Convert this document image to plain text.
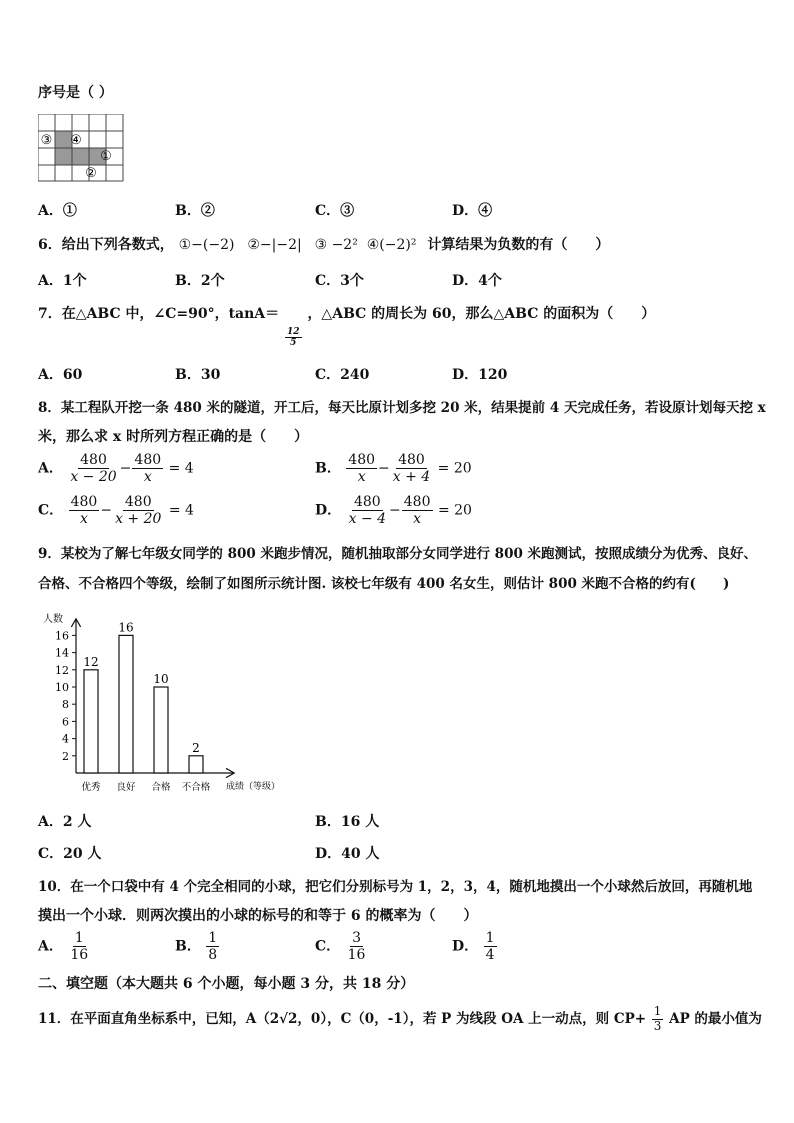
序号是（ ）
③ ④
①
②
A．①	B．②	C．③	D．④
6．给出下列各数式， ①−(−2) ②−|−2| ③ −2² ④(−2)² 计算结果为负数的有（　　）
A．1个	B．2个	C．3个	D．4个
7．在△ABC 中，∠C=90°，tanA＝
$\frac{12}{5}$
，△ABC 的周长为 60，那么△ABC 的面积为（　　）
A．60	B．30	C．240	D．120
8．某工程队开挖一条 480 米的隧道，开工后，每天比原计划多挖 20 米，结果提前 4 天完成任务，若设原计划每天挖 x
米，那么求 x 时所列方程正确的是（　　）
A． $\frac{480}{x - 20} - \frac{480}{x} = 4$	B． $\frac{480}{x} - \frac{480}{x + 4} = 20$
C． $\frac{480}{x} - \frac{480}{x + 20} = 4$	D． $\frac{480}{x - 4} - \frac{480}{x} = 20$
9．某校为了解七年级女同学的 800 米跑步情况，随机抽取部分女同学进行 800 米跑测试，按照成绩分为优秀、良好、
合格、不合格四个等级，绘制了如图所示统计图. 该校七年级有 400 名女生，则估计 800 米跑不合格的约有(　　)
人数
成绩（等级）
2
4
6
8
10
12
14
16
12
优秀
16
良好
10
合格
2
不合格
A．2 人	B．16 人
C．20 人	D．40 人
10．在一个口袋中有 4 个完全相同的小球，把它们分别标号为 1，2，3，4，随机地摸出一个小球然后放回，再随机地
摸出一个小球．则两次摸出的小球的标号的和等于 6 的概率为（　　）
A． $\frac{1}{16}$	B． $\frac{1}{8}$	C． $\frac{3}{16}$	D． $\frac{1}{4}$
二、填空题（本大题共 6 个小题，每小题 3 分，共 18 分）
11．在平面直角坐标系中，已知，A（2√2，0），C（0，-1），若 P 为线段 OA 上一动点，则 $CP+ \frac{1}{3}$ AP 的最小值为
